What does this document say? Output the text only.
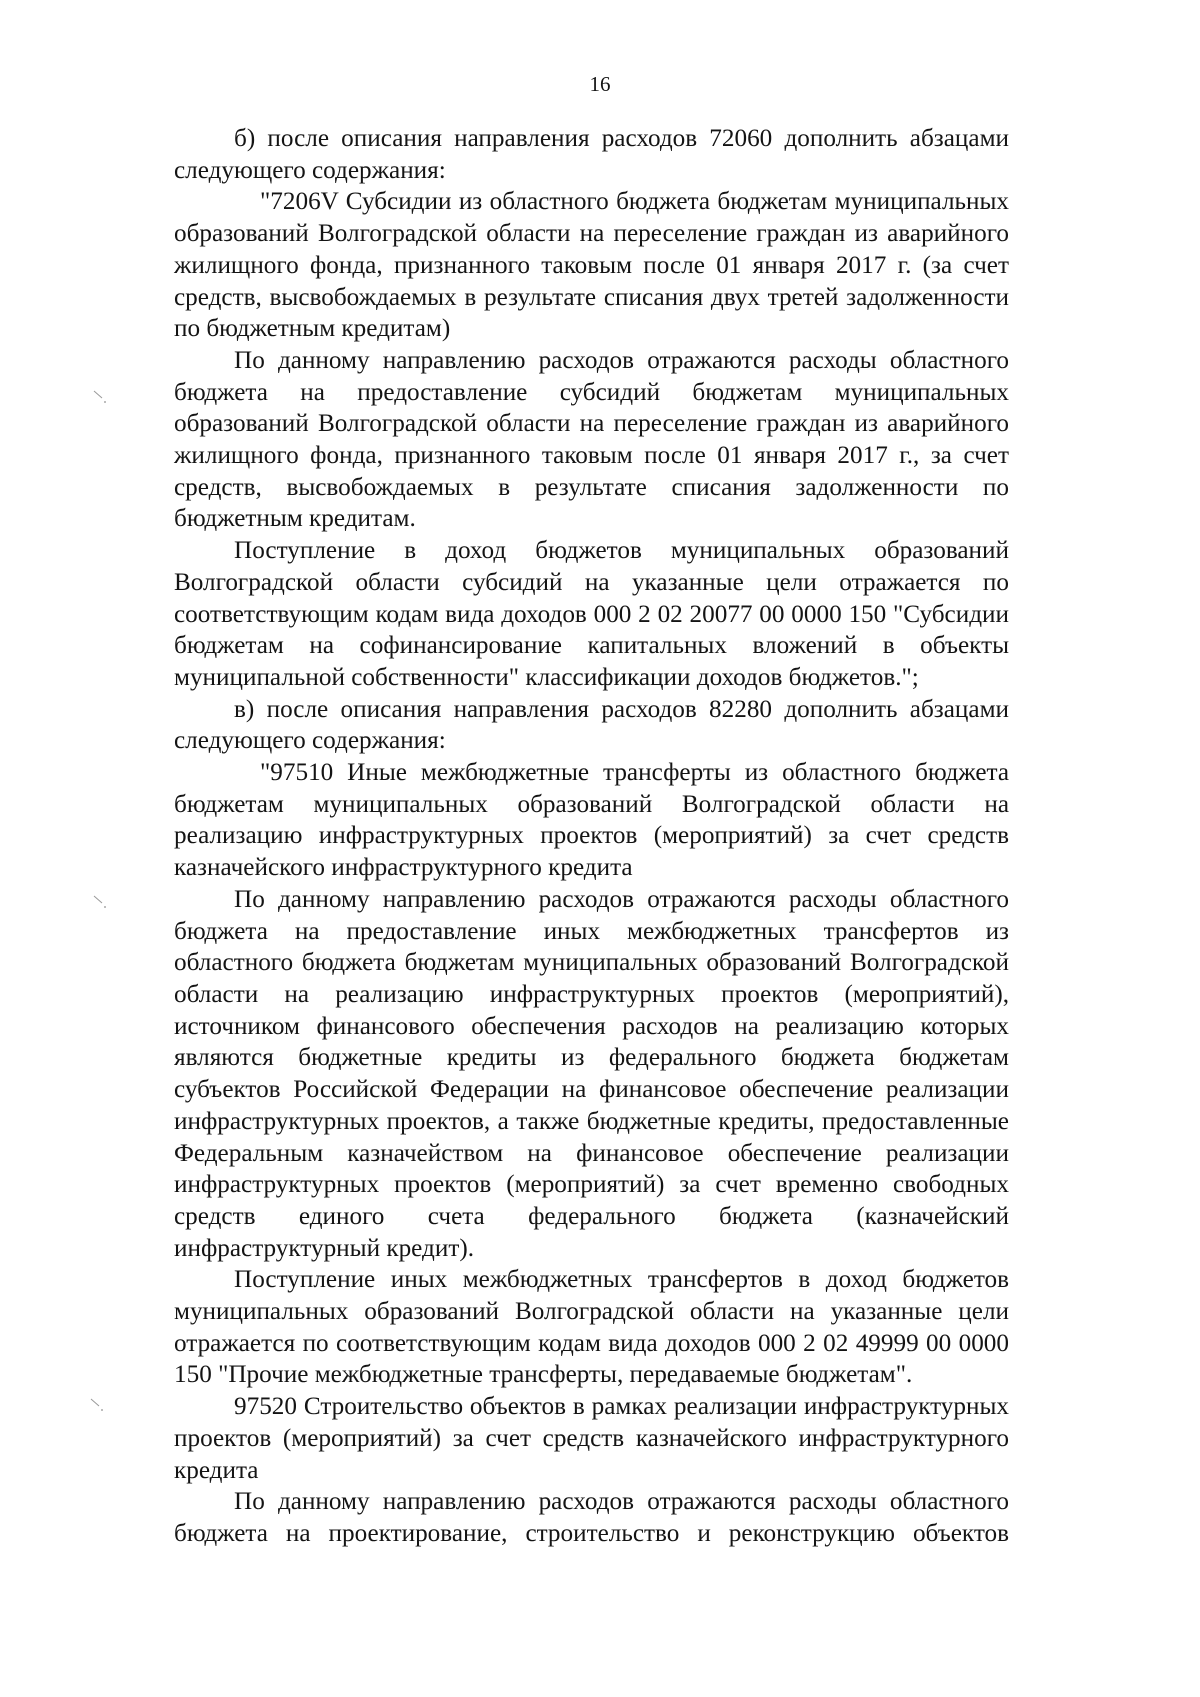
16

б) после описания направления расходов 72060 дополнить абзацами следующего содержания:

"7206V Субсидии из областного бюджета бюджетам муниципальных образований Волгоградской области на переселение граждан из аварийного жилищного фонда, признанного таковым после 01 января 2017 г. (за счет средств, высвобождаемых в результате списания двух третей задолженности по бюджетным кредитам)

По данному направлению расходов отражаются расходы областного бюджета на предоставление субсидий бюджетам муниципальных образований Волгоградской области на переселение граждан из аварийного жилищного фонда, признанного таковым после 01 января 2017 г., за счет средств, высвобождаемых в результате списания задолженности по бюджетным кредитам.

Поступление в доход бюджетов муниципальных образований Волгоградской области субсидий на указанные цели отражается по соответствующим кодам вида доходов 000 2 02 20077 00 0000 150 "Субсидии бюджетам на софинансирование капитальных вложений в объекты муниципальной собственности" классификации доходов бюджетов.";

в) после описания направления расходов 82280 дополнить абзацами следующего содержания:

"97510 Иные межбюджетные трансферты из областного бюджета бюджетам муниципальных образований Волгоградской области на реализацию инфраструктурных проектов (мероприятий) за счет средств казначейского инфраструктурного кредита

По данному направлению расходов отражаются расходы областного бюджета на предоставление иных межбюджетных трансфертов из областного бюджета бюджетам муниципальных образований Волгоградской области на реализацию инфраструктурных проектов (мероприятий), источником финансового обеспечения расходов на реализацию которых являются бюджетные кредиты из федерального бюджета бюджетам субъектов Российской Федерации на финансовое обеспечение реализации инфраструктурных проектов, а также бюджетные кредиты, предоставленные Федеральным казначейством на финансовое обеспечение реализации инфраструктурных проектов (мероприятий) за счет временно свободных средств единого счета федерального бюджета (казначейский инфраструктурный кредит).

Поступление иных межбюджетных трансфертов в доход бюджетов муниципальных образований Волгоградской области на указанные цели отражается по соответствующим кодам вида доходов 000 2 02 49999 00 0000 150 "Прочие межбюджетные трансферты, передаваемые бюджетам".

97520 Строительство объектов в рамках реализации инфраструктурных проектов (мероприятий) за счет средств казначейского инфраструктурного кредита

По данному направлению расходов отражаются расходы областного бюджета на проектирование, строительство и реконструкцию объектов
